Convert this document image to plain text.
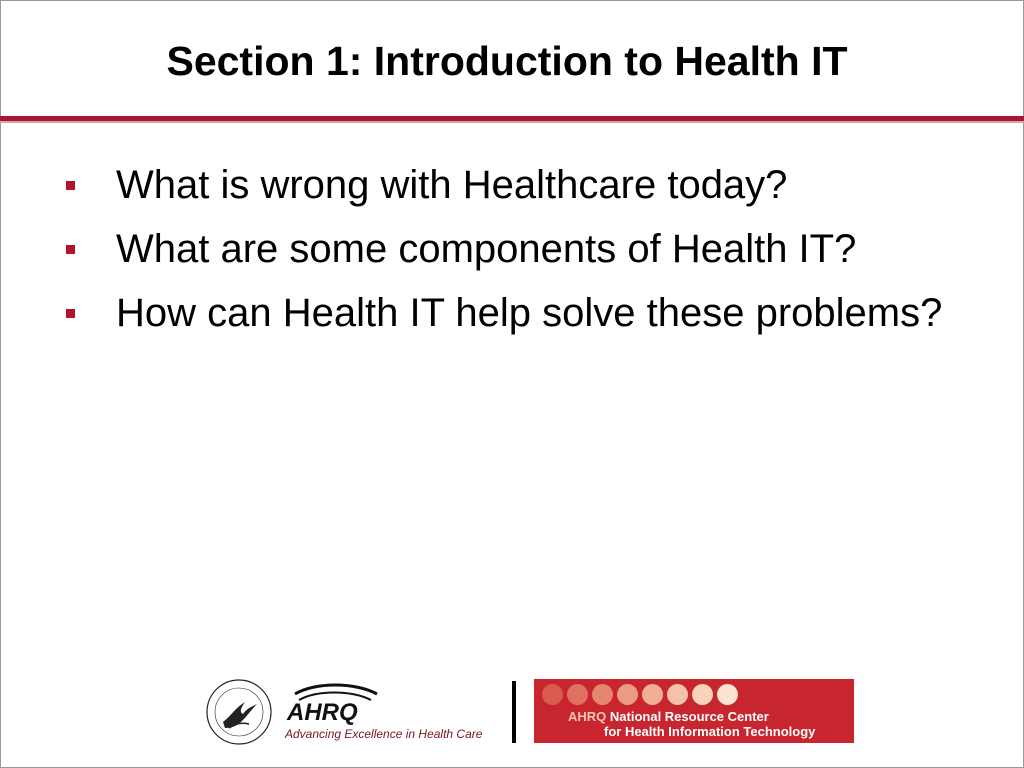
Section 1: Introduction to Health IT
What is wrong with Healthcare today?
What are some components of Health IT?
How can Health IT help solve these problems?
AHRQ
Advancing Excellence in Health Care
AHRQ National Resource Center
for Health Information Technology
